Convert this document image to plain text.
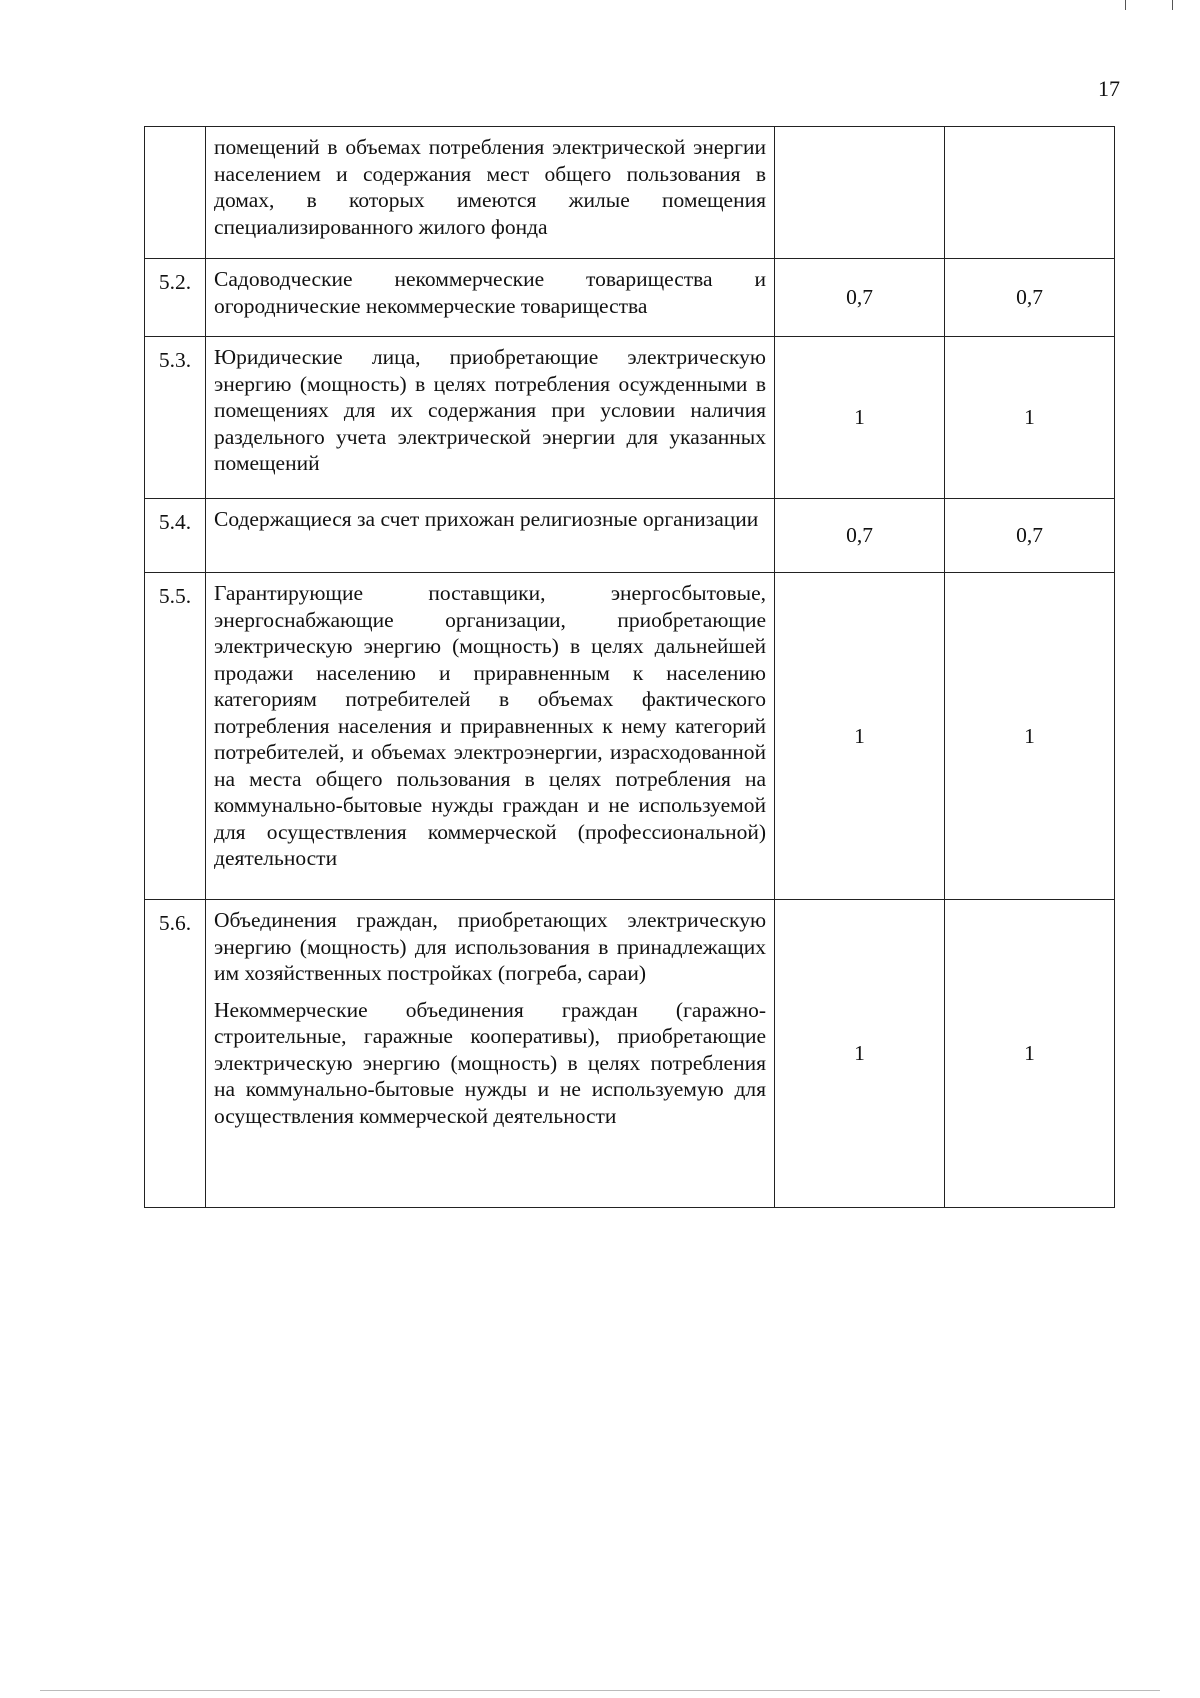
17

	помещений в объемах потребления электрической энергии населением и содержания мест общего пользования в домах, в которых имеются жилые помещения специализированного жилого фонда		

5.2.	Садоводческие некоммерческие товарищества и огороднические некоммерческие товарищества	0,7	0,7
5.3.	Юридические лица, приобретающие электрическую энергию (мощность) в целях потребления осужденными в помещениях для их содержания при условии наличия раздельного учета электрической энергии для указанных помещений	1	1
5.4.	Содержащиеся за счет прихожан религиозные организации	0,7	0,7
5.5.	Гарантирующие поставщики, энергосбытовые, энергоснабжающие организации, приобретающие электрическую энергию (мощность) в целях дальнейшей продажи населению и приравненным к населению категориям потребителей в объемах фактического потребления населения и приравненных к нему категорий потребителей, и объемах электроэнергии, израсходованной на места общего пользования в целях потребления на коммунально-бытовые нужды граждан и не используемой для осуществления коммерческой (профессиональной) деятельности	1	1
5.6.	Объединения граждан, приобретающих электрическую энергию (мощность) для использования в принадлежащих им хозяйственных постройках (погреба, сараи)
Некоммерческие объединения граждан (гаражно-строительные, гаражные кооперативы), приобретающие электрическую энергию (мощность) в целях потребления на коммунально-бытовые нужды и не используемую для осуществления коммерческой деятельности	1	1
